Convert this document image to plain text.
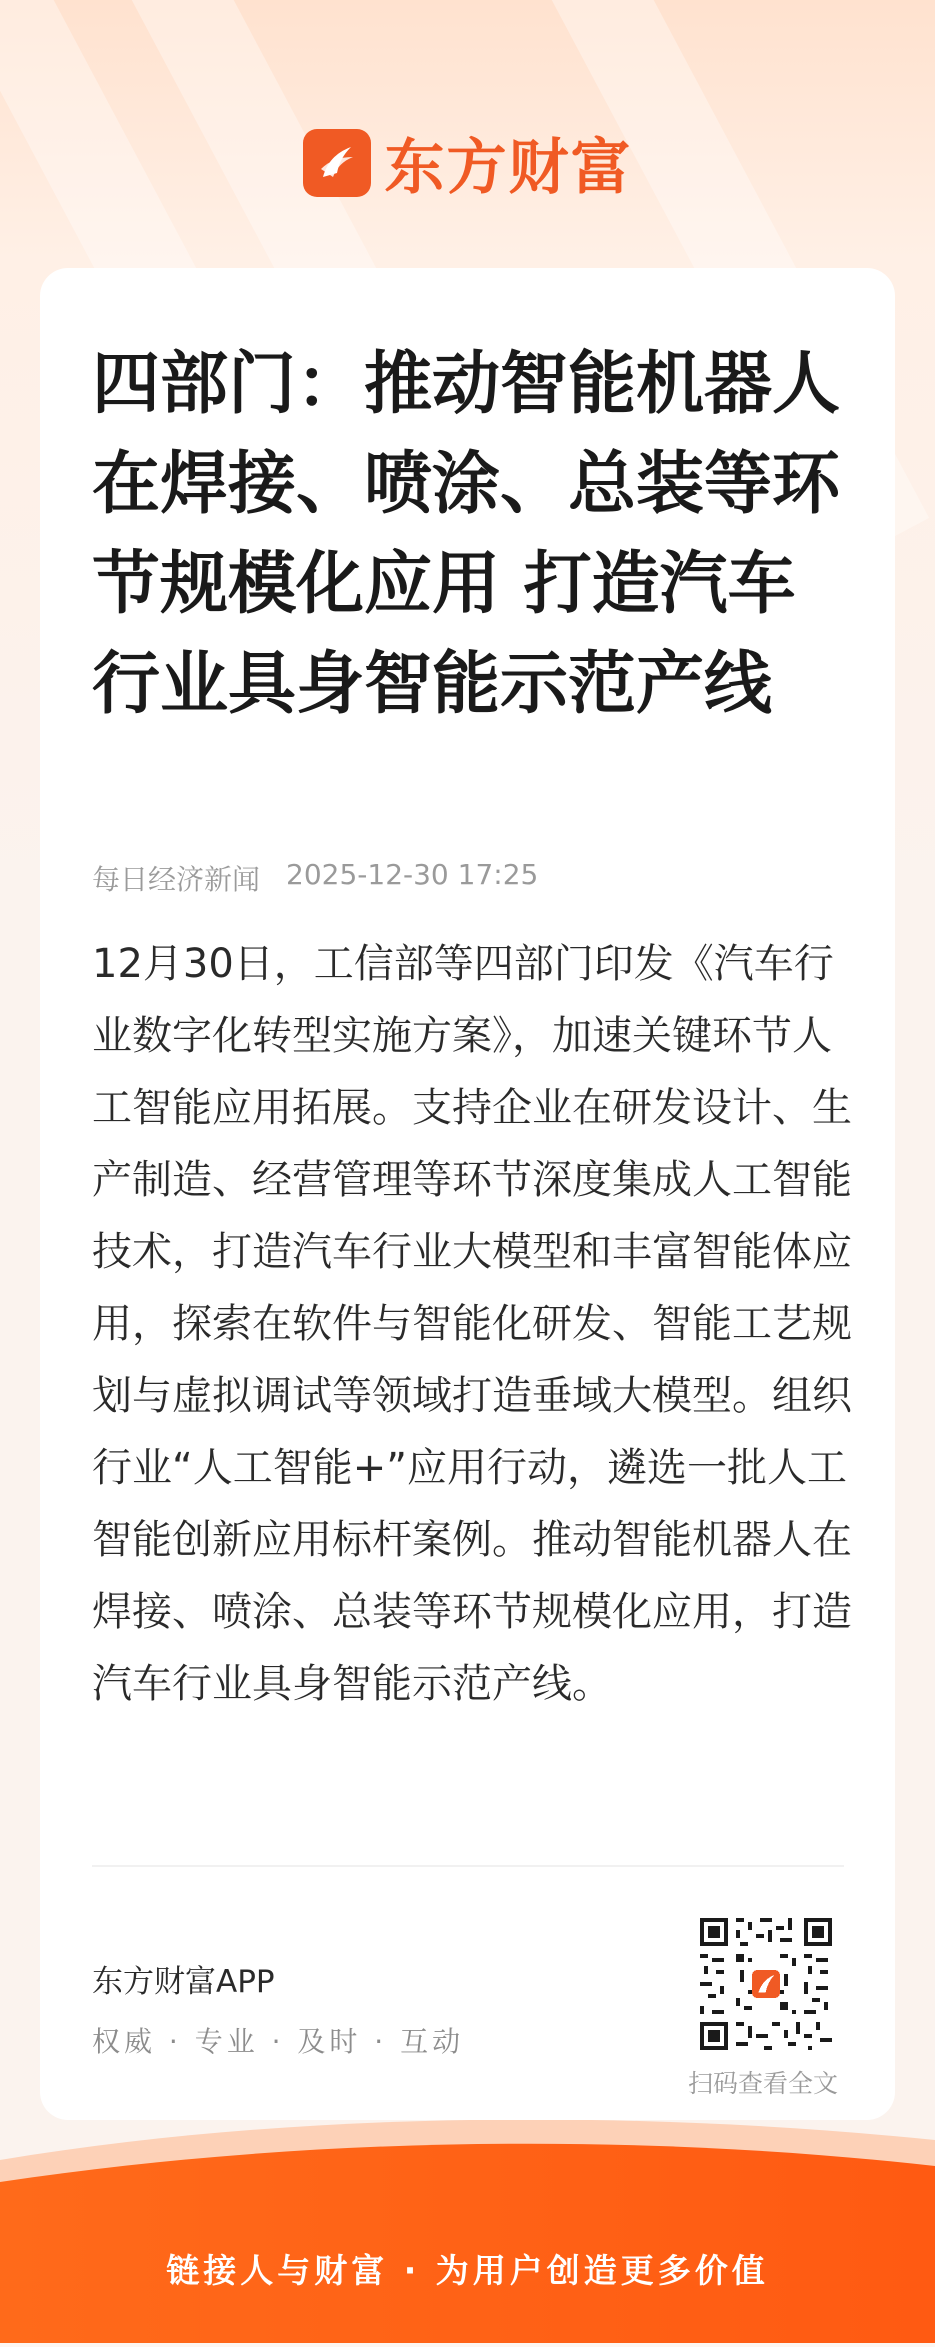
东方财富
四部门：推动智能机器人在焊接、喷涂、总装等环节规模化应用 打造汽车行业具身智能示范产线
每日经济新闻 2025-12-30 17:25

12月30日，工信部等四部门印发《汽车行业数字化转型实施方案》，加速关键环节人工智能应用拓展。支持企业在研发设计、生产制造、经营管理等环节深度集成人工智能技术，打造汽车行业大模型和丰富智能体应用，探索在软件与智能化研发、智能工艺规划与虚拟调试等领域打造垂域大模型。组织行业“人工智能+”应用行动，遴选一批人工智能创新应用标杆案例。推动智能机器人在焊接、喷涂、总装等环节规模化应用，打造汽车行业具身智能示范产线。

东方财富APP
权威 · 专业 · 及时 · 互动
扫码查看全文
链接人与财富 · 为用户创造更多价值
